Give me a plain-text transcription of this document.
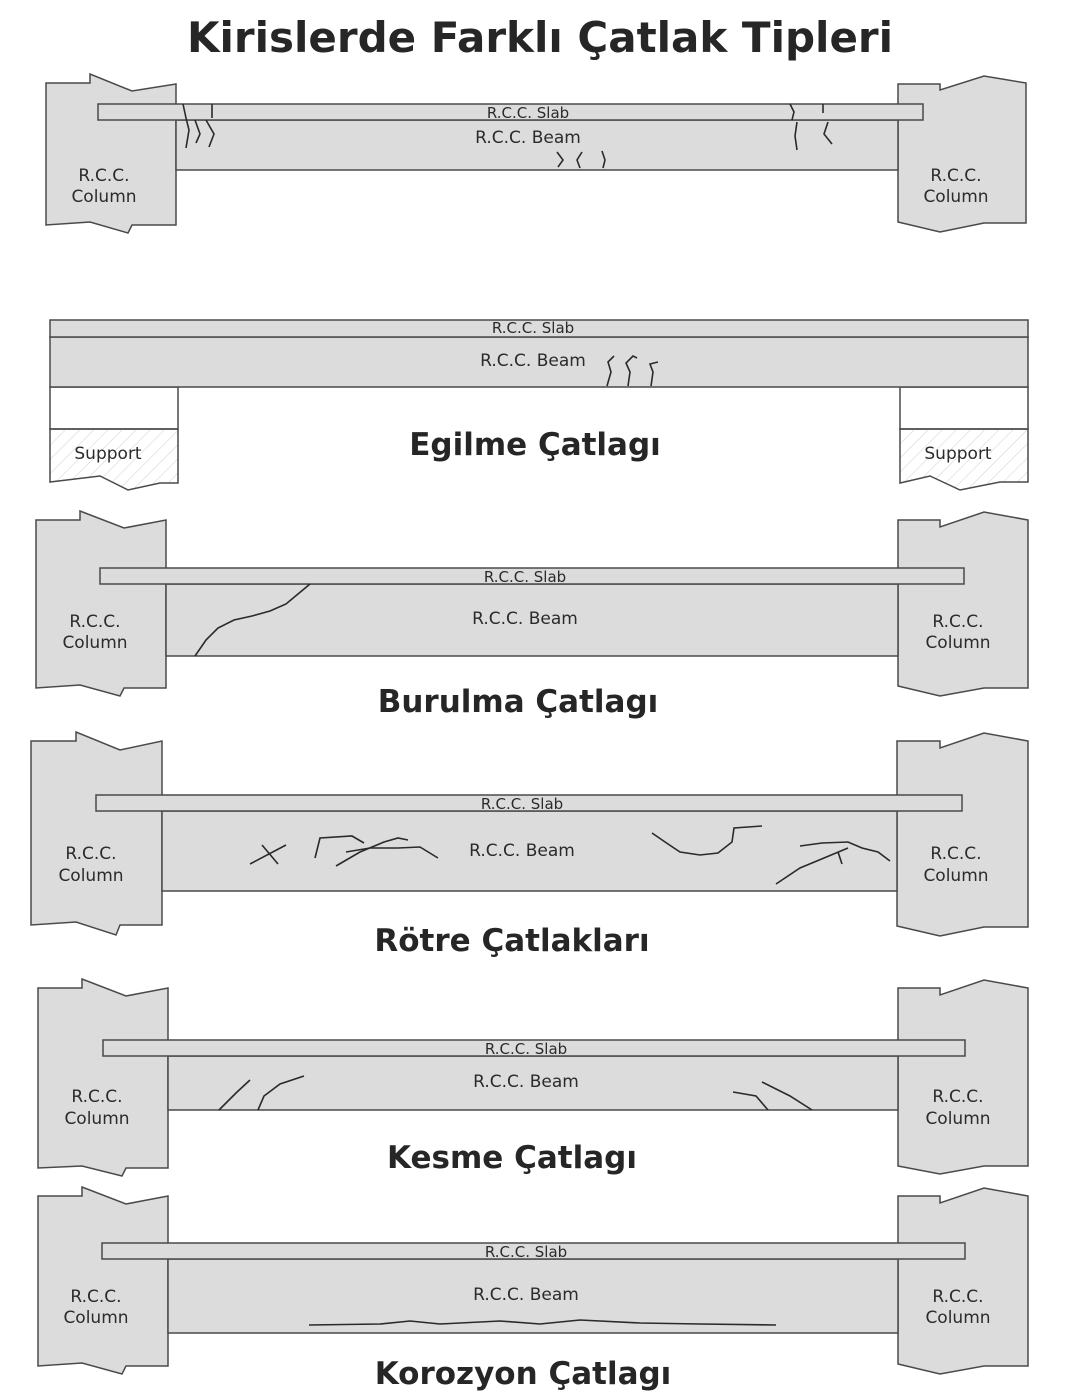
Kirislerde Farklı Çatlak Tipleri
R.C.C. Slab
R.C.C. Beam
R.C.C.
Column
R.C.C.
Column
R.C.C. Slab
R.C.C. Beam
Support	Support
Egilme Çatlagı
R.C.C. Slab
R.C.C. Beam
R.C.C.
Column
R.C.C.
Column
Burulma Çatlagı
R.C.C. Slab
R.C.C. Beam
R.C.C.
Column
R.C.C.
Column
Rötre Çatlakları
R.C.C. Slab
R.C.C. Beam
R.C.C.
Column
R.C.C.
Column
Kesme Çatlagı
R.C.C. Slab
R.C.C. Beam
R.C.C.
Column
R.C.C.
Column
Korozyon Çatlagı
